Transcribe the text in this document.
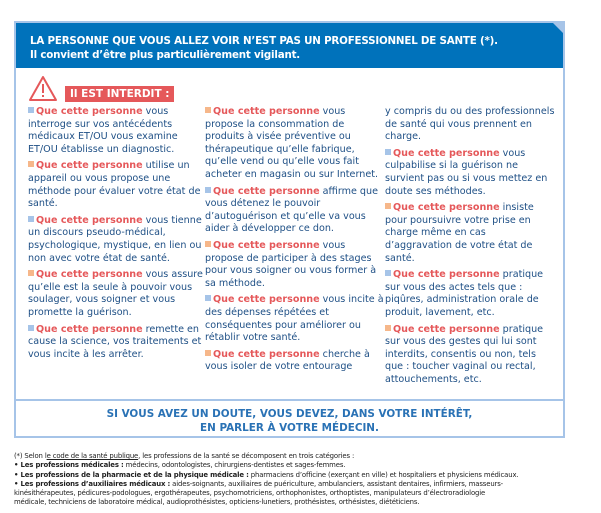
LA PERSONNE QUE VOUS ALLEZ VOIR N’EST PAS UN PROFESSIONNEL DE SANTE (*).
Il convient d’être plus particulièrement vigilant.
Il EST INTERDIT :
Que cette personne vous interroge sur vos antécédents médicaux ET/OU vous examine ET/OU établisse un diagnostic.
Que cette personne utilise un appareil ou vous propose une méthode pour évaluer votre état de santé.
Que cette personne vous tienne un discours pseudo-médical, psychologique, mystique, en lien ou non avec votre état de santé.
Que cette personne vous assure qu’elle est la seule à pouvoir vous soulager, vous soigner et vous promette la guérison.
Que cette personne remette en cause la science, vos traitements et vous incite à les arrêter.
Que cette personne vous propose la consommation de produits à visée préventive ou thérapeutique qu’elle fabrique, qu’elle vend ou qu’elle vous fait acheter en magasin ou sur Internet.
Que cette personne affirme que vous détenez le pouvoir d’autoguérison et qu’elle va vous aider à développer ce don.
Que cette personne vous propose de participer à des stages pour vous soigner ou vous former à sa méthode.
Que cette personne vous incite à des dépenses répétées et conséquentes pour améliorer ou rétablir votre santé.
Que cette personne cherche à vous isoler de votre entourage
y compris du ou des professionnels de santé qui vous prennent en charge.
Que cette personne vous culpabilise si la guérison ne survient pas ou si vous mettez en doute ses méthodes.
Que cette personne insiste pour poursuivre votre prise en charge même en cas d’aggravation de votre état de santé.
Que cette personne pratique sur vous des actes tels que : piqûres, administration orale de produit, lavement, etc.
Que cette personne pratique sur vous des gestes qui lui sont interdits, consentis ou non, tels que : toucher vaginal ou rectal, attouchements, etc.
SI VOUS AVEZ UN DOUTE, VOUS DEVEZ, DANS VOTRE INTÉRÊT,
EN PARLER À VOTRE MÉDECIN.
(*) Selon le code de la santé publique, les professions de la santé se décomposent en trois catégories :
• Les professions médicales : médecins, odontologistes, chirurgiens-dentistes et sages-femmes.
• Les professions de la pharmacie et de la physique médicale : pharmaciens d’officine (exerçant en ville) et hospitaliers et physiciens médicaux.
• Les professions d’auxiliaires médicaux : aides-soignants, auxiliaires de puériculture, ambulanciers, assistant dentaires, infirmiers, masseurs-
kinésithérapeutes, pédicures-podologues, ergothérapeutes, psychomotriciens, orthophonistes, orthoptistes, manipulateurs d’électroradiologie
médicale, techniciens de laboratoire médical, audioprothésistes, opticiens-lunetiers, prothésistes, orthésistes, diététiciens.
